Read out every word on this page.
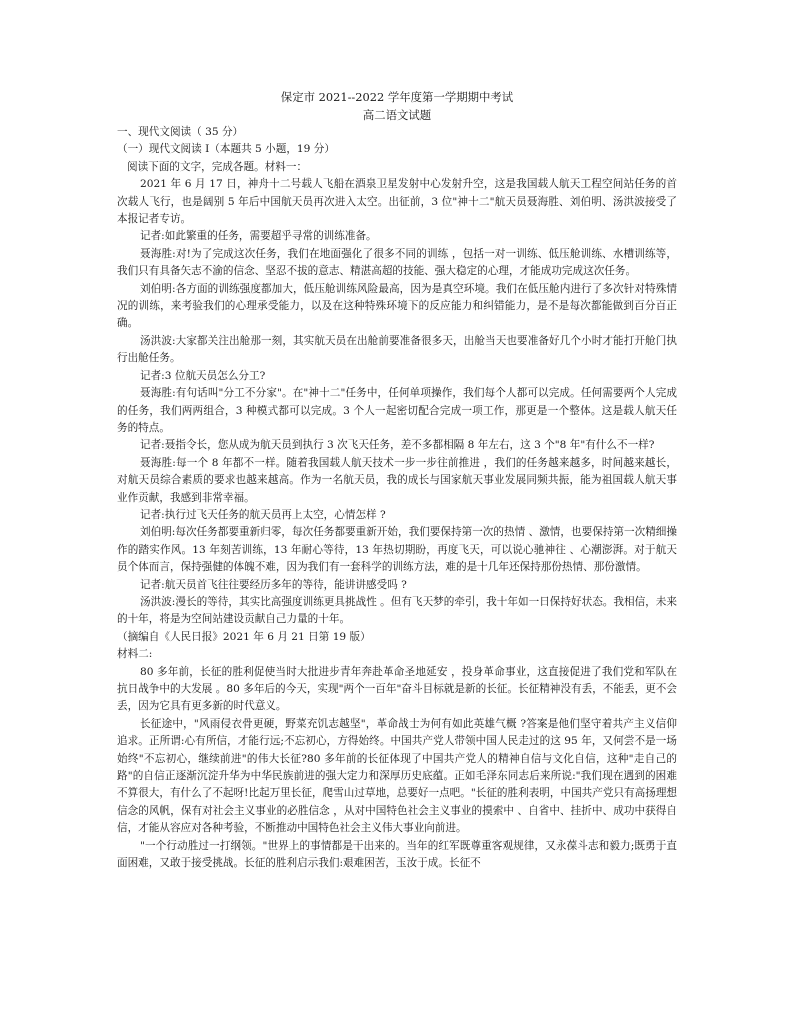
保定市 2021--2022 学年度第一学期期中考试

高二语文试题

一、现代文阅读（ 35 分）

（一）现代文阅读 I（本题共 5 小题，19 分）

阅读下面的文字，完成各题。材料一：

2021 年 6 月 17 日，神舟十二号载人飞船在酒泉卫星发射中心发射升空，这是我国载人航天工程空间站任务的首次载人飞行，也是阔别 5 年后中国航天员再次进入太空。出征前，3 位"神十二"航天员聂海胜、刘伯明、汤洪波接受了本报记者专访。

记者:如此繁重的任务，需要超乎寻常的训练准备。

聂海胜:对!为了完成这次任务，我们在地面强化了很多不同的训练 ，包括一对一训练、低压舱训练、水槽训练等，我们只有具备矢志不渝的信念、坚忍不拔的意志、精湛高超的技能、强大稳定的心理，才能成功完成这次任务。

刘伯明:各方面的训练强度都加大，低压舱训练风险最高，因为是真空环境。我们在低压舱内进行了多次针对特殊情况的训练，来考验我们的心理承受能力，以及在这种特殊环境下的反应能力和纠错能力，是不是每次都能做到百分百正确。

汤洪波:大家都关注出舱那一刻，其实航天员在出舱前要准备很多天，出舱当天也要准备好几个小时才能打开舱门执行出舱任务。

记者:3 位航天员怎么分工?

聂海胜:有句话叫"分工不分家"。在"神十二"任务中，任何单项操作，我们每个人都可以完成。任何需要两个人完成的任务，我们两两组合，3 种模式都可以完成。3 个人一起密切配合完成一项工作，那更是一个整体。这是载人航天任务的特点。

记者:聂指令长，您从成为航天员到执行 3 次飞天任务，差不多都相隔 8 年左右，这 3 个"8 年"有什么不一样?

聂海胜:每一个 8 年都不一样。随着我国载人航天技术一步一步往前推进 ，我们的任务越来越多，时间越来越长，对航天员综合素质的要求也越来越高。作为一名航天员，我的成长与国家航天事业发展同频共振，能为祖国载人航天事业作贡献，我感到非常幸福。

记者:执行过飞天任务的航天员再上太空，心情怎样 ?

刘伯明:每次任务都要重新归零，每次任务都要重新开始，我们要保持第一次的热情 、激情，也要保持第一次精细操作的踏实作风。13 年刻苦训练，13 年耐心等待，13 年热切期盼，再度飞天，可以说心驰神往 、心潮澎湃。对于航天员个体而言，保持强健的体魄不难，因为我们有一套科学的训练方法，难的是十几年还保持那份热情、那份激情。

记者:航天员首飞往往要经历多年的等待，能讲讲感受吗 ?

汤洪波:漫长的等待，其实比高强度训练更具挑战性 。但有飞天梦的牵引，我十年如一日保持好状态。我相信，未来的十年，将是为空间站建设贡献自己力量的十年。

（摘编自《人民日报》2021 年 6 月 21 日第 19 版）

材料二:

80 多年前，长征的胜利促使当时大批进步青年奔赴革命圣地延安 ，投身革命事业，这直接促进了我们党和军队在抗日战争中的大发展 。80 多年后的今天，实现"两个一百年"奋斗目标就是新的长征。长征精神没有丢，不能丢，更不会丢，因为它具有更多新的时代意义。

长征途中，"风雨侵衣骨更硬，野菜充饥志越坚"，革命战士为何有如此英雄气概 ?答案是他们坚守着共产主义信仰追求。正所谓:心有所信，才能行远;不忘初心，方得始终。中国共产党人带领中国人民走过的这 95 年，又何尝不是一场始终"不忘初心，继续前进"的伟大长征?80 多年前的长征体现了中国共产党人的精神自信与文化自信，这种"走自己的路"的自信正逐渐沉淀升华为中华民族前进的强大定力和深厚历史底蕴。正如毛泽东同志后来所说:"我们现在遇到的困难不算很大，有什么了不起呀!比起万里长征，爬雪山过草地，总要好一点吧。"长征的胜利表明，中国共产党只有高扬理想信念的风帆，保有对社会主义事业的必胜信念 ，从对中国特色社会主义事业的摸索中 、自省中、挂折中、成功中获得自信，才能从容应对各种考验，不断推动中国特色社会主义伟大事业向前进。

"一个行动胜过一打纲领。"世界上的事情都是干出来的。当年的红军既尊重客观规律，又永葆斗志和毅力;既勇于直面困难，又敢于接受挑战。长征的胜利启示我们:艰难困苦，玉汝于成。长征不
